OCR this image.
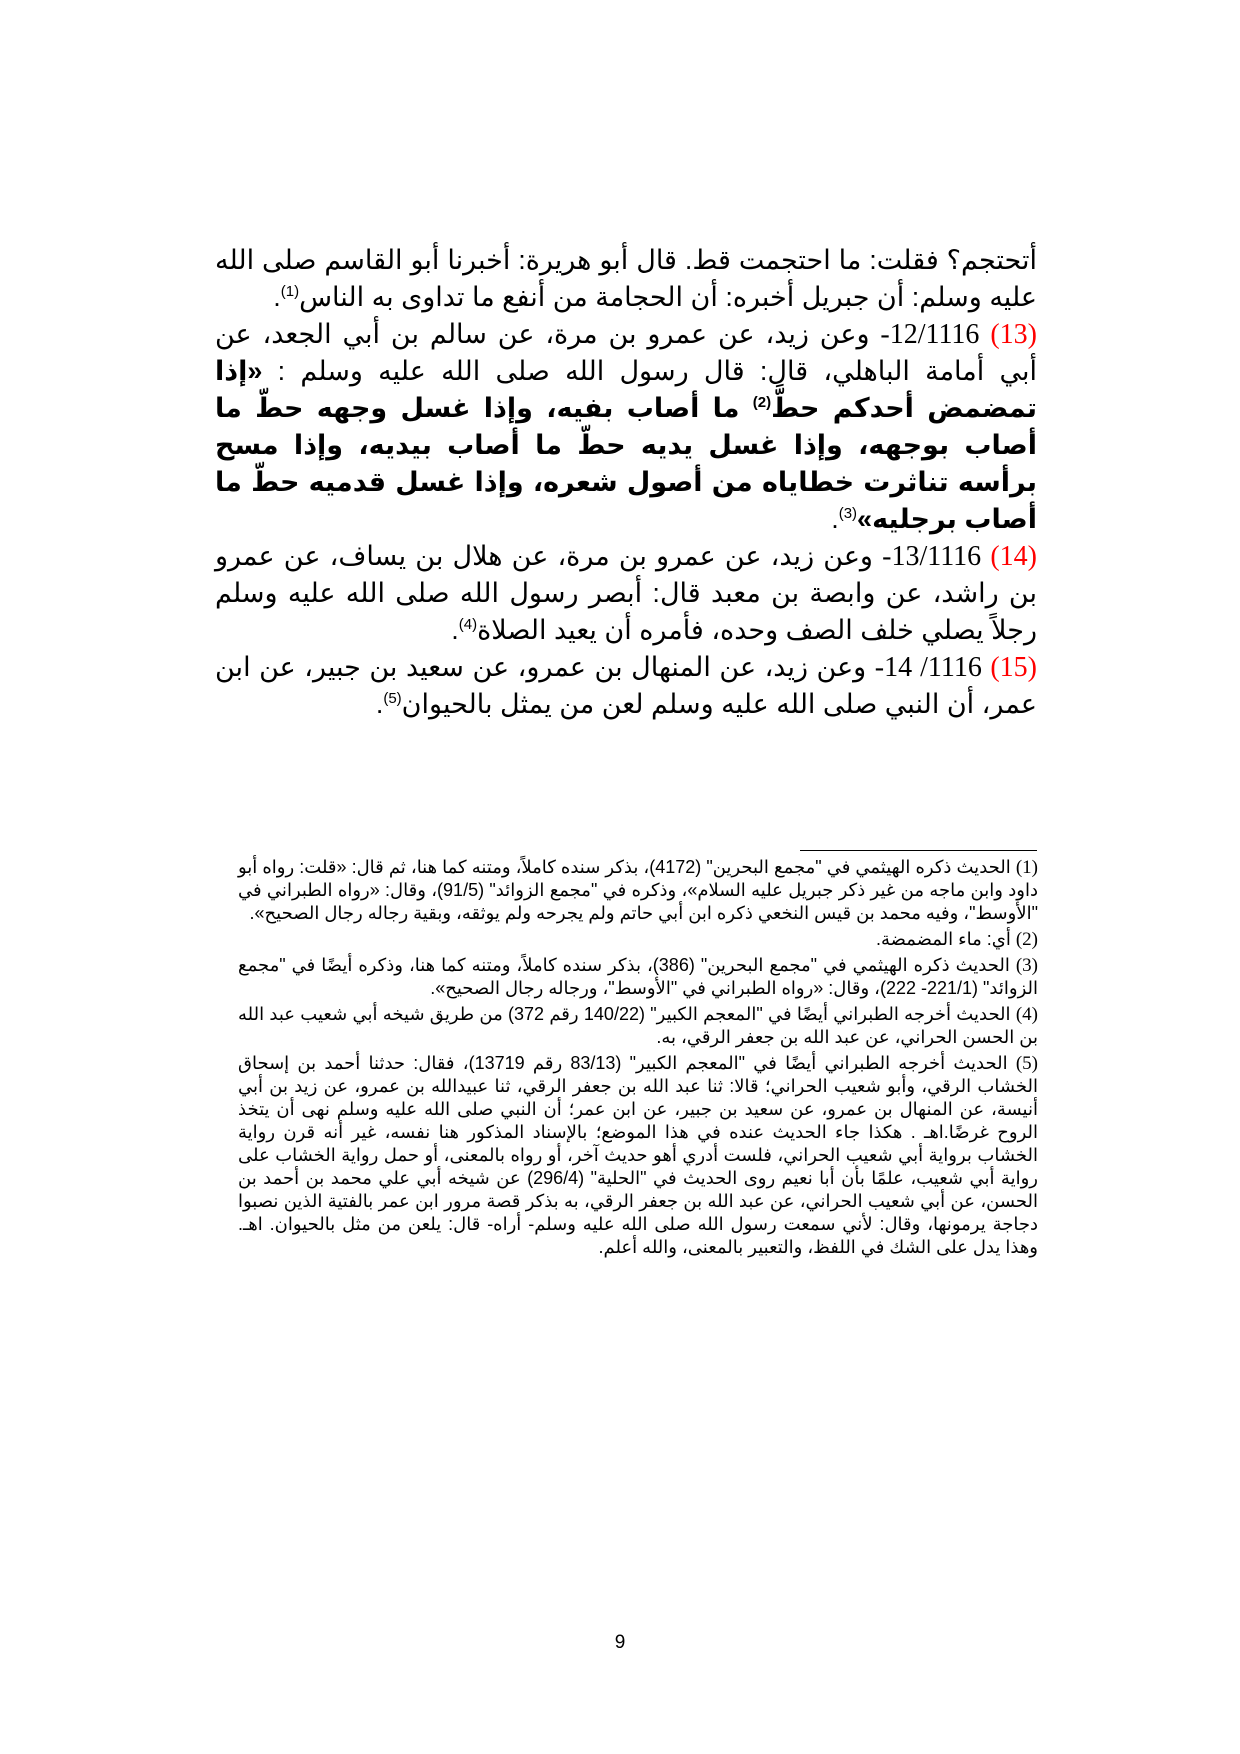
أتحتجم؟ فقلت: ما احتجمت قط. قال أبو هريرة: أخبرنا أبو القاسم صلى الله عليه وسلم: أن جبريل أخبره: أن الحجامة من أنفع ما تداوى به الناس$^{(1)}$.

(13) 12/1116- وعن زيد، عن عمرو بن مرة، عن سالم بن أبي الجعد، عن أبي أمامة الباهلي، قال: قال رسول الله صلى الله عليه وسلم : «إذا تمضمض أحدكم حطَّ$^{(2)}$ ما أصاب بفيه، وإذا غسل وجهه حطّ ما أصاب بوجهه، وإذا غسل يديه حطّ ما أصاب بيديه، وإذا مسح برأسه تناثرت خطاياه من أصول شعره، وإذا غسل قدميه حطّ ما أصاب برجليه»$^{(3)}$.

(14) 13/1116- وعن زيد، عن عمرو بن مرة، عن هلال بن يساف، عن عمرو بن راشد، عن وابصة بن معبد قال: أبصر رسول الله صلى الله عليه وسلم رجلاً يصلي خلف الصف وحده، فأمره أن يعيد الصلاة$^{(4)}$.

(15) 1116/ 14- وعن زيد، عن المنهال بن عمرو، عن سعيد بن جبير، عن ابن عمر، أن النبي صلى الله عليه وسلم لعن من يمثل بالحيوان$^{(5)}$.

(1) الحديث ذكره الهيثمي في "مجمع البحرين" (4172)، بذكر سنده كاملاً، ومتنه كما هنا، ثم قال: «قلت: رواه أبو داود وابن ماجه من غير ذكر جبريل عليه السلام»، وذكره في "مجمع الزوائد" (91/5)، وقال: «رواه الطبراني في "الأوسط"، وفيه محمد بن قيس النخعي ذكره ابن أبي حاتم ولم يجرحه ولم يوثقه، وبقية رجاله رجال الصحيح».

(2) أي: ماء المضمضة.

(3) الحديث ذكره الهيثمي في "مجمع البحرين" (386)، بذكر سنده كاملاً، ومتنه كما هنا، وذكره أيضًا في "مجمع الزوائد" (221/1- 222)، وقال: «رواه الطبراني في "الأوسط"، ورجاله رجال الصحيح».

(4) الحديث أخرجه الطبراني أيضًا في "المعجم الكبير" (140/22 رقم 372) من طريق شيخه أبي شعيب عبد الله بن الحسن الحراني، عن عبد الله بن جعفر الرقي، به.

(5) الحديث أخرجه الطبراني أيضًا في "المعجم الكبير" (83/13 رقم 13719)، فقال: حدثنا أحمد بن إسحاق الخشاب الرقي، وأبو شعيب الحراني؛ قالا: ثنا عبد الله بن جعفر الرقي، ثنا عبيدالله بن عمرو، عن زيد بن أبي أنيسة، عن المنهال بن عمرو، عن سعيد بن جبير، عن ابن عمر؛ أن النبي صلى الله عليه وسلم نهى أن يتخذ الروح غرضًا.اهـ . هكذا جاء الحديث عنده في هذا الموضع؛ بالإسناد المذكور هنا نفسه، غير أنه قرن رواية الخشاب برواية أبي شعيب الحراني، فلست أدري أهو حديث آخر، أو رواه بالمعنى، أو حمل رواية الخشاب على رواية أبي شعيب، علمًا بأن أبا نعيم روى الحديث في "الحلية" (296/4) عن شيخه أبي علي محمد بن أحمد بن الحسن، عن أبي شعيب الحراني، عن عبد الله بن جعفر الرقي، به بذكر قصة مرور ابن عمر بالفتية الذين نصبوا دجاجة يرمونها، وقال: لأني سمعت رسول الله صلى الله عليه وسلم- أراه- قال: يلعن من مثل بالحيوان. اهـ. وهذا يدل على الشك في اللفظ، والتعبير بالمعنى، والله أعلم.

9
